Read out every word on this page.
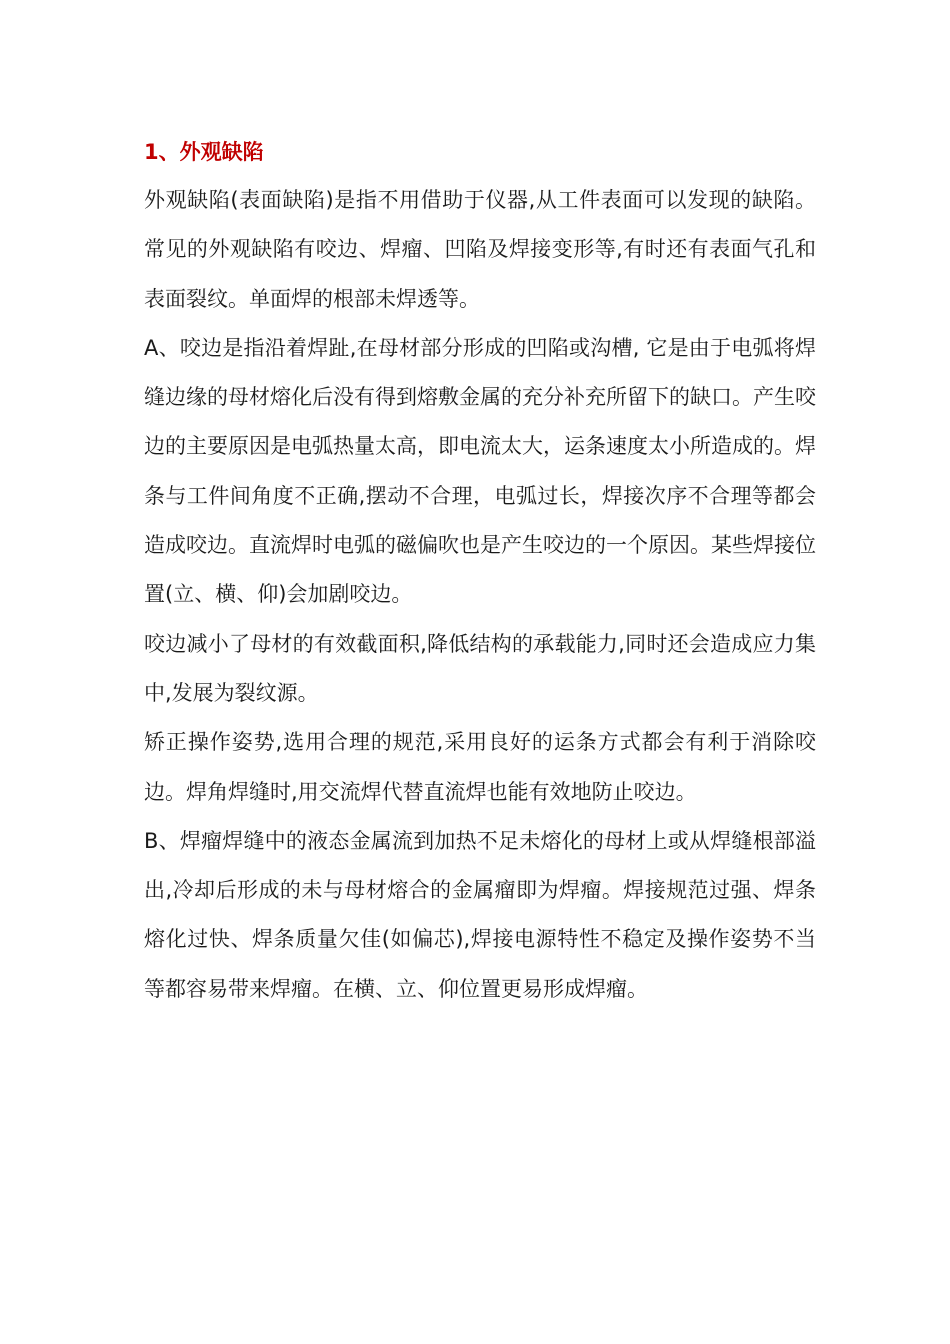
1、外观缺陷

外观缺陷(表面缺陷)是指不用借助于仪器,从工件表面可以发现的缺陷。常见的外观缺陷有咬边、焊瘤、凹陷及焊接变形等,有时还有表面气孔和表面裂纹。单面焊的根部未焊透等。

A、咬边是指沿着焊趾,在母材部分形成的凹陷或沟槽, 它是由于电弧将焊缝边缘的母材熔化后没有得到熔敷金属的充分补充所留下的缺口。产生咬边的主要原因是电弧热量太高，即电流太大，运条速度太小所造成的。焊条与工件间角度不正确,摆动不合理，电弧过长，焊接次序不合理等都会造成咬边。直流焊时电弧的磁偏吹也是产生咬边的一个原因。某些焊接位置(立、横、仰)会加剧咬边。

咬边减小了母材的有效截面积,降低结构的承载能力,同时还会造成应力集中,发展为裂纹源。

矫正操作姿势,选用合理的规范,采用良好的运条方式都会有利于消除咬边。焊角焊缝时,用交流焊代替直流焊也能有效地防止咬边。

B、焊瘤焊缝中的液态金属流到加热不足未熔化的母材上或从焊缝根部溢出,冷却后形成的未与母材熔合的金属瘤即为焊瘤。焊接规范过强、焊条熔化过快、焊条质量欠佳(如偏芯),焊接电源特性不稳定及操作姿势不当等都容易带来焊瘤。在横、立、仰位置更易形成焊瘤。
